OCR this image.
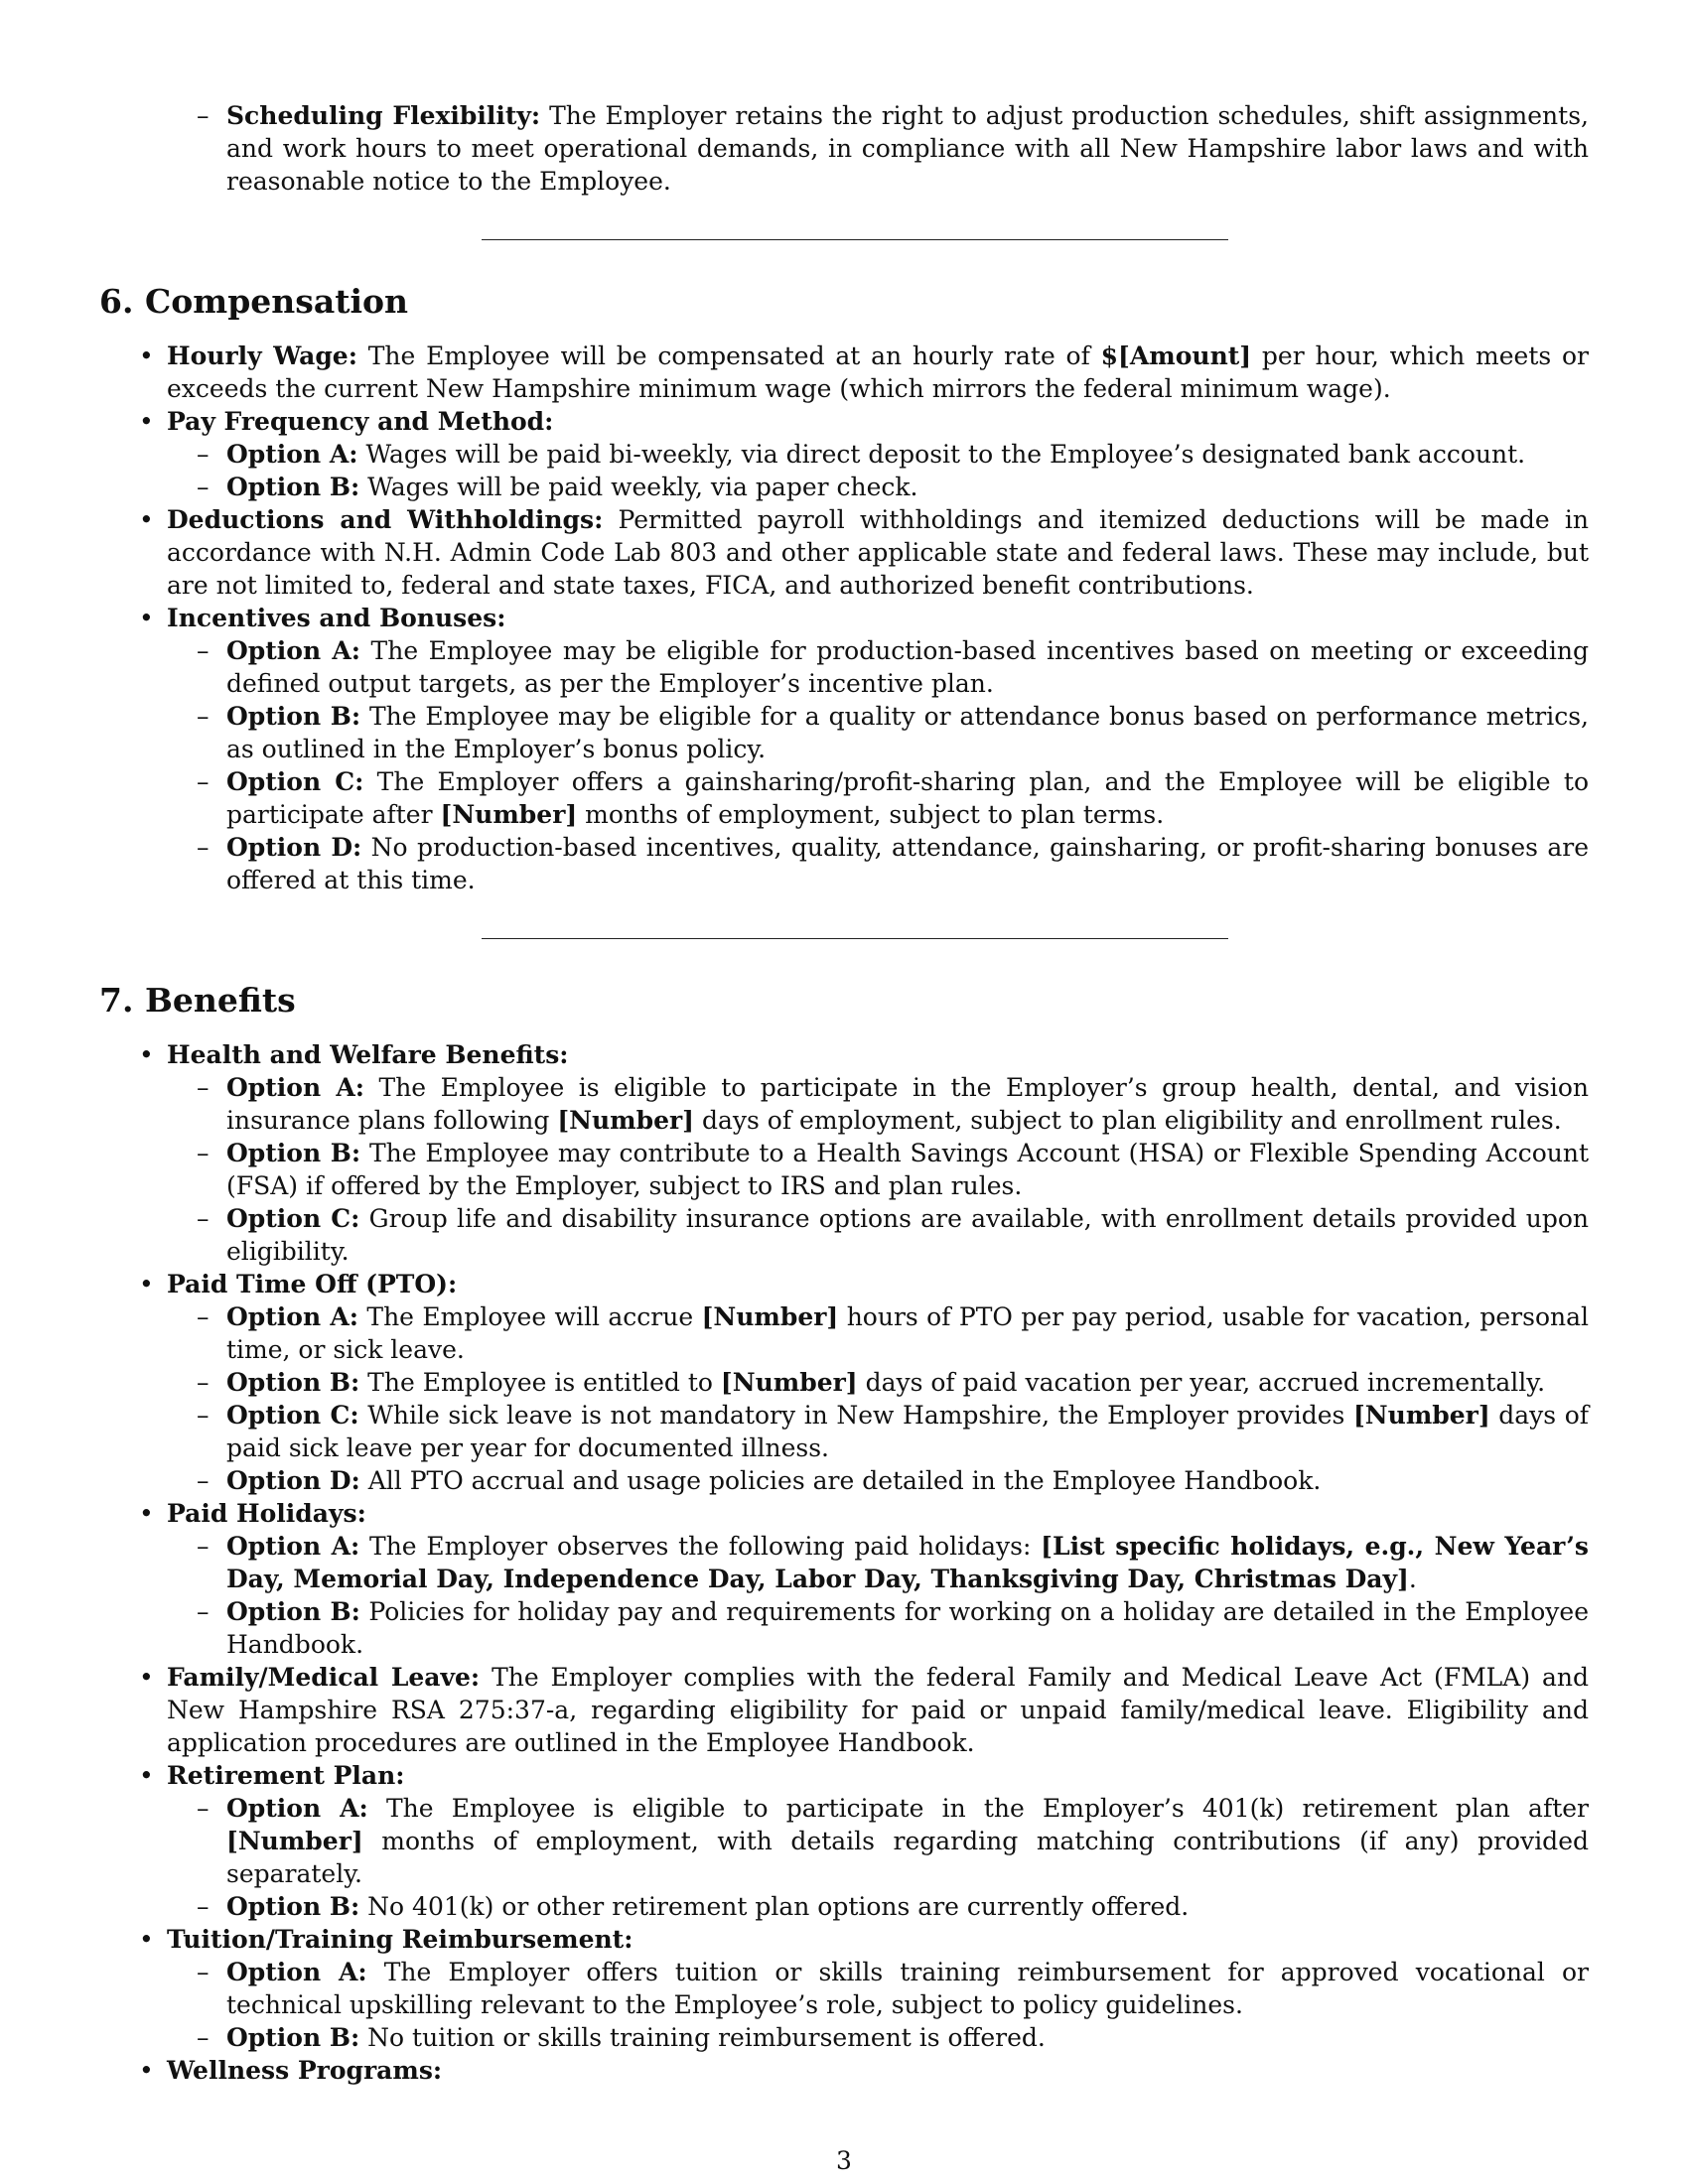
– Scheduling Flexibility: The Employer retains the right to adjust production schedules, shift assignments, and work hours to meet operational demands, in compliance with all New Hampshire labor laws and with reasonable notice to the Employee.
6. Compensation
• Hourly Wage: The Employee will be compensated at an hourly rate of $[Amount] per hour, which meets or exceeds the current New Hampshire minimum wage (which mirrors the federal minimum wage).
• Pay Frequency and Method:
– Option A: Wages will be paid bi-weekly, via direct deposit to the Employee’s designated bank account.
– Option B: Wages will be paid weekly, via paper check.
• Deductions and Withholdings: Permitted payroll withholdings and itemized deductions will be made in accordance with N.H. Admin Code Lab 803 and other applicable state and federal laws. These may include, but are not limited to, federal and state taxes, FICA, and authorized benefit contributions.
• Incentives and Bonuses:
– Option A: The Employee may be eligible for production-based incentives based on meeting or exceeding defined output targets, as per the Employer’s incentive plan.
– Option B: The Employee may be eligible for a quality or attendance bonus based on performance metrics, as outlined in the Employer’s bonus policy.
– Option C: The Employer offers a gainsharing/profit-sharing plan, and the Employee will be eligible to participate after [Number] months of employment, subject to plan terms.
– Option D: No production-based incentives, quality, attendance, gainsharing, or profit-sharing bonuses are offered at this time.
7. Benefits
• Health and Welfare Benefits:
– Option A: The Employee is eligible to participate in the Employer’s group health, dental, and vision insurance plans following [Number] days of employment, subject to plan eligibility and enrollment rules.
– Option B: The Employee may contribute to a Health Savings Account (HSA) or Flexible Spending Account (FSA) if offered by the Employer, subject to IRS and plan rules.
– Option C: Group life and disability insurance options are available, with enrollment details provided upon eligibility.
• Paid Time Off (PTO):
– Option A: The Employee will accrue [Number] hours of PTO per pay period, usable for vacation, personal time, or sick leave.
– Option B: The Employee is entitled to [Number] days of paid vacation per year, accrued incrementally.
– Option C: While sick leave is not mandatory in New Hampshire, the Employer provides [Number] days of paid sick leave per year for documented illness.
– Option D: All PTO accrual and usage policies are detailed in the Employee Handbook.
• Paid Holidays:
– Option A: The Employer observes the following paid holidays: [List specific holidays, e.g., New Year’s Day, Memorial Day, Independence Day, Labor Day, Thanksgiving Day, Christmas Day].
– Option B: Policies for holiday pay and requirements for working on a holiday are detailed in the Employee Handbook.
• Family/Medical Leave: The Employer complies with the federal Family and Medical Leave Act (FMLA) and New Hampshire RSA 275:37-a, regarding eligibility for paid or unpaid family/medical leave. Eligibility and application procedures are outlined in the Employee Handbook.
• Retirement Plan:
– Option A: The Employee is eligible to participate in the Employer’s 401(k) retirement plan after [Number] months of employment, with details regarding matching contributions (if any) provided separately.
– Option B: No 401(k) or other retirement plan options are currently offered.
• Tuition/Training Reimbursement:
– Option A: The Employer offers tuition or skills training reimbursement for approved vocational or technical upskilling relevant to the Employee’s role, subject to policy guidelines.
– Option B: No tuition or skills training reimbursement is offered.
• Wellness Programs:
3
